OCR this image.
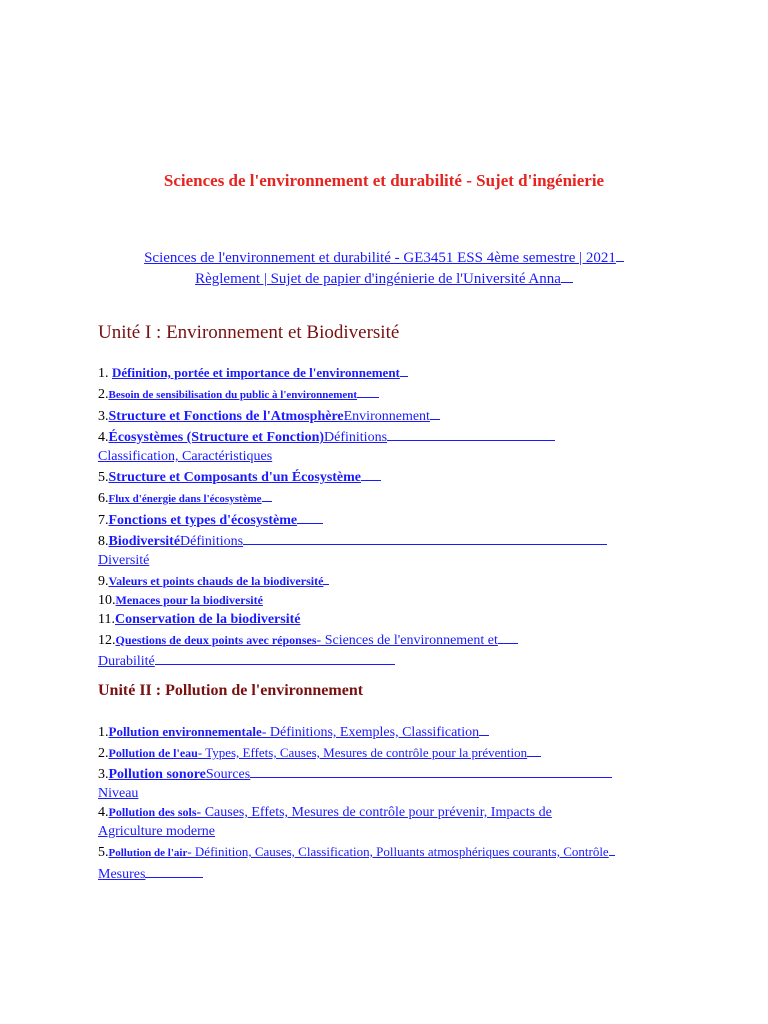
Sciences de l'environnement et durabilité - Sujet d'ingénierie
Sciences de l'environnement et durabilité - GE3451 ESS 4ème semestre | 2021
Règlement | Sujet de papier d'ingénierie de l'Université Anna
Unité I : Environnement et Biodiversité
1. Définition, portée et importance de l'environnement
2.Besoin de sensibilisation du public à l'environnement
3.Structure et Fonctions de l'AtmosphèreEnvironnement
4.Écosystèmes (Structure et Fonction)Définitions
Classification, Caractéristiques
5.Structure et Composants d'un Écosystème
6.Flux d'énergie dans l'écosystème
7.Fonctions et types d'écosystème
8.BiodiversitéDéfinitions
Diversité
9.Valeurs et points chauds de la biodiversité
10.Menaces pour la biodiversité
11.Conservation de la biodiversité
12.Questions de deux points avec réponses- Sciences de l'environnement et
Durabilité
Unité II : Pollution de l'environnement
1.Pollution environnementale- Définitions, Exemples, Classification
2.Pollution de l'eau- Types, Effets, Causes, Mesures de contrôle pour la prévention
3.Pollution sonoreSources
Niveau
4.Pollution des sols- Causes, Effets, Mesures de contrôle pour prévenir, Impacts de
Agriculture moderne
5.Pollution de l'air- Définition, Causes, Classification, Polluants atmosphériques courants, Contrôle
Mesures
